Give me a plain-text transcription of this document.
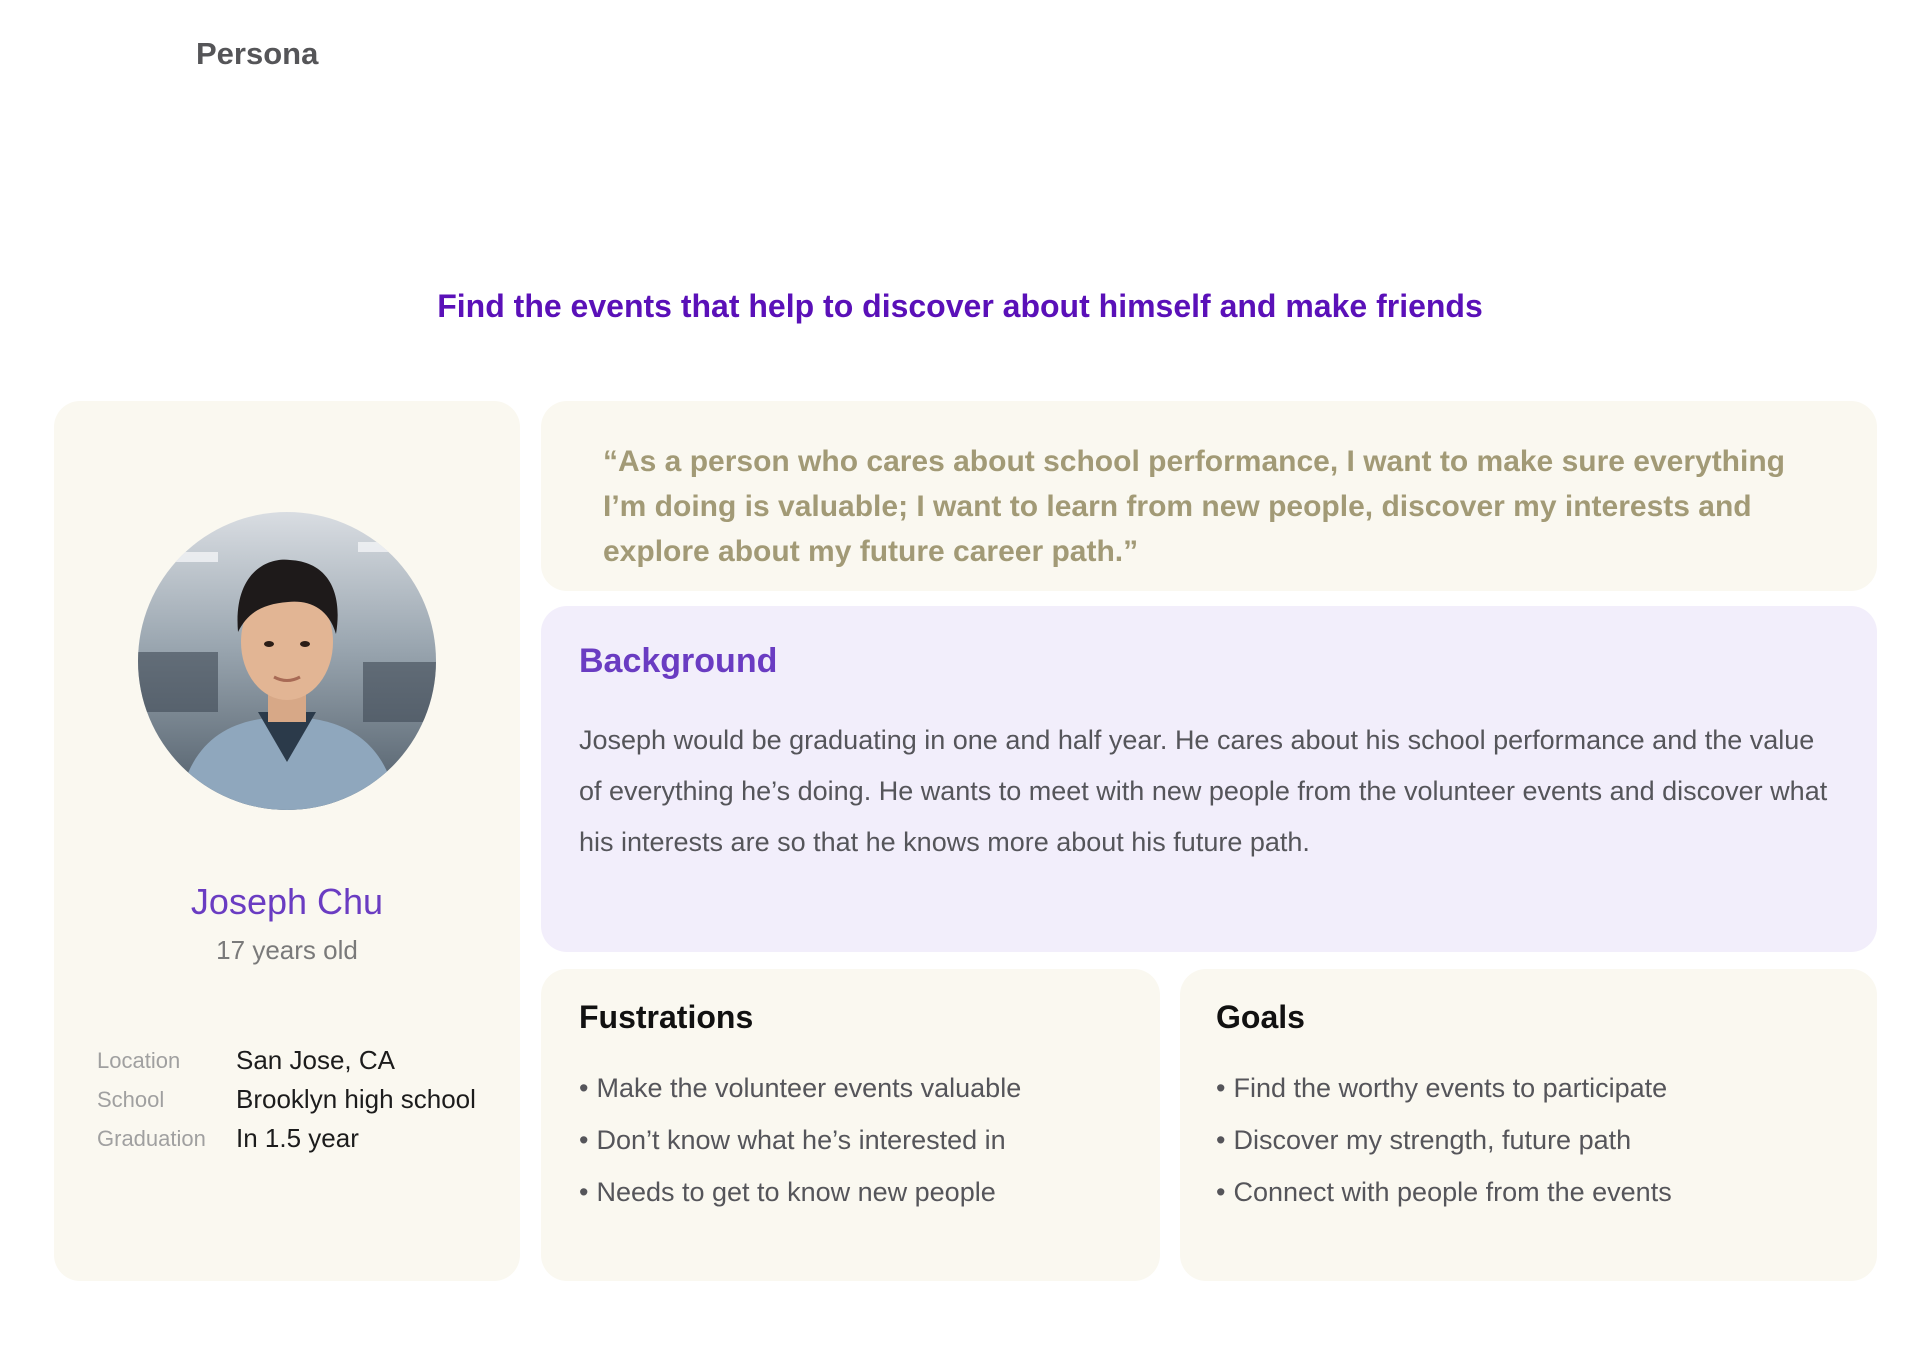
Persona
Find the events that help to discover about himself and make friends
Joseph Chu
17 years old
Location	San Jose, CA
School	Brooklyn high school
Graduation	In 1.5 year
“As a person who cares about school performance, I want to make sure everything I’m doing is valuable; I want to learn from new people, discover my interests and explore about my future career path.”
Background
Joseph would be graduating in one and half year. He cares about his school performance and the value of everything he’s doing. He wants to meet with new people from the volunteer events and discover what his interests are so that he knows more about his future path.
Fustrations
• Make the volunteer events valuable
• Don’t know what he’s interested in
• Needs to get to know new people
Goals
• Find the worthy events to participate
• Discover my strength, future path
• Connect with people from the events
